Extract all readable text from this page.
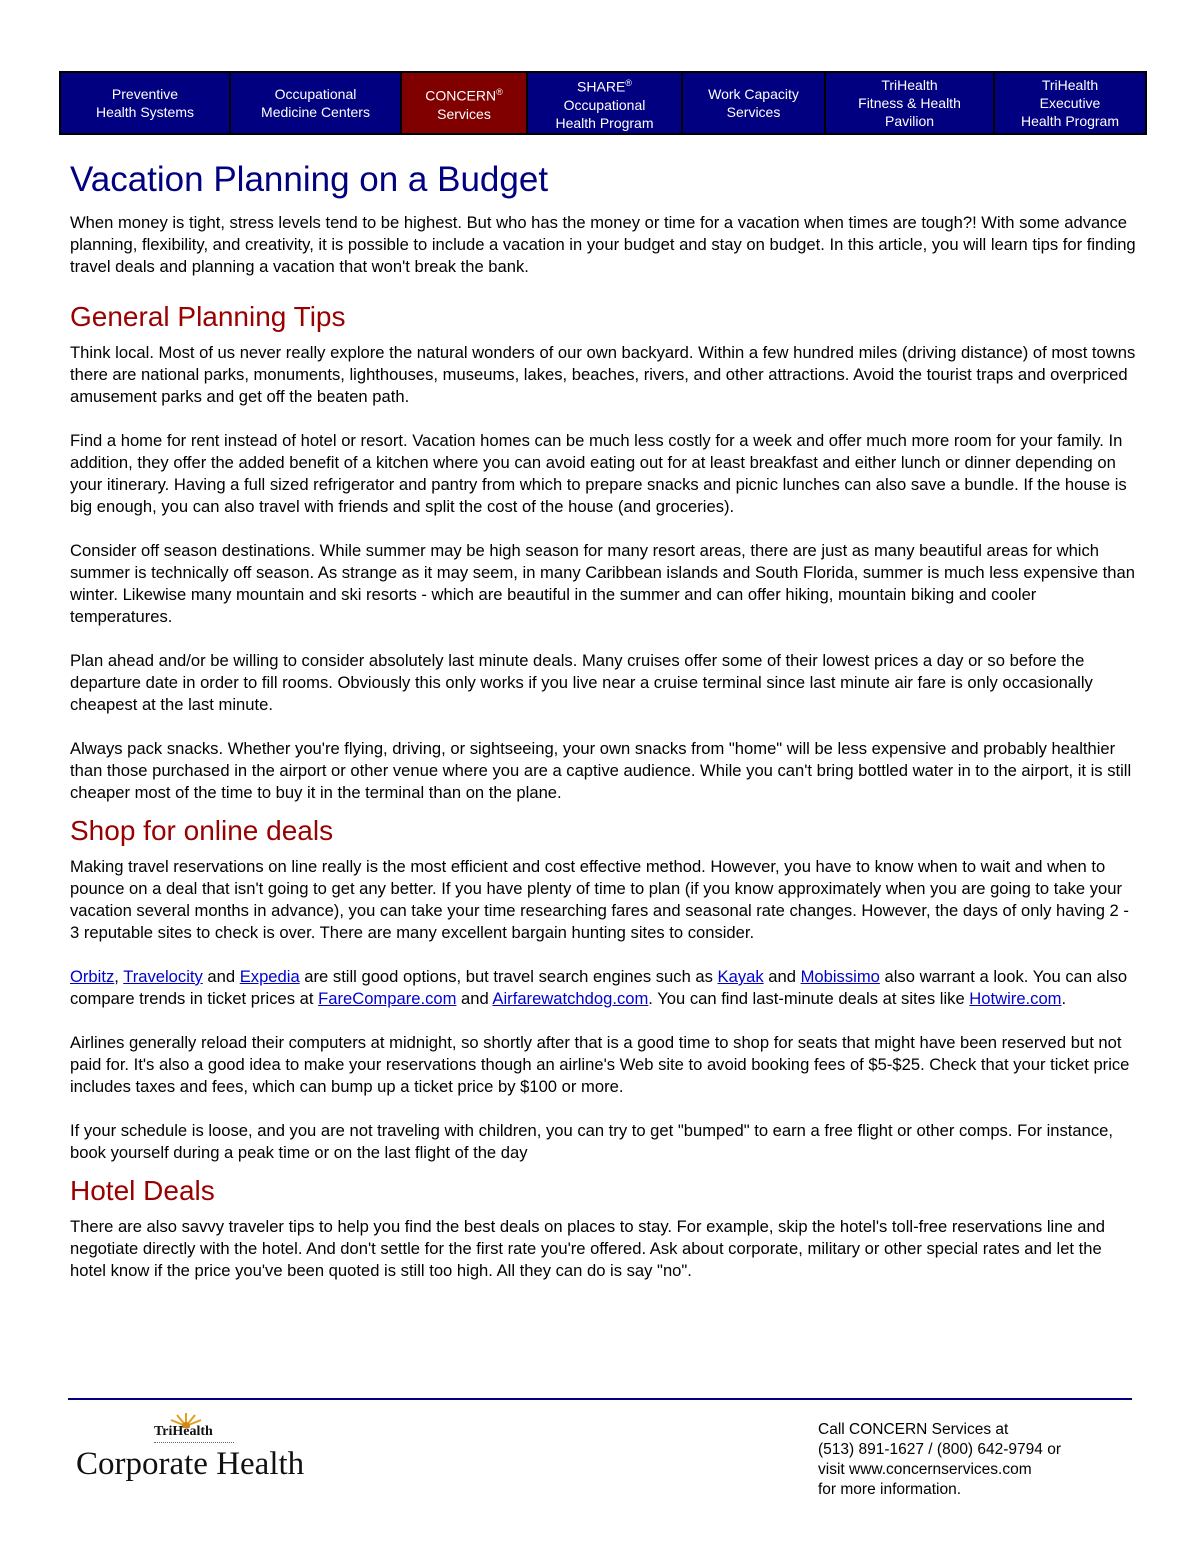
Preventive
Health Systems
Occupational
Medicine Centers
CONCERN®
Services
SHARE®
Occupational
Health Program
Work Capacity
Services
TriHealth
Fitness & Health
Pavilion
TriHealth
Executive
Health Program
Vacation Planning on a Budget

When money is tight, stress levels tend to be highest. But who has the money or time for a vacation when times are tough?! With some advance planning, flexibility, and creativity, it is possible to include a vacation in your budget and stay on budget. In this article, you will learn tips for finding travel deals and planning a vacation that won't break the bank.

General Planning Tips

Think local. Most of us never really explore the natural wonders of our own backyard. Within a few hundred miles (driving distance) of most towns there are national parks, monuments, lighthouses, museums, lakes, beaches, rivers, and other attractions. Avoid the tourist traps and overpriced amusement parks and get off the beaten path.

Find a home for rent instead of hotel or resort. Vacation homes can be much less costly for a week and offer much more room for your family. In addition, they offer the added benefit of a kitchen where you can avoid eating out for at least breakfast and either lunch or dinner depending on your itinerary. Having a full sized refrigerator and pantry from which to prepare snacks and picnic lunches can also save a bundle. If the house is big enough, you can also travel with friends and split the cost of the house (and groceries).

Consider off season destinations. While summer may be high season for many resort areas, there are just as many beautiful areas for which summer is technically off season. As strange as it may seem, in many Caribbean islands and South Florida, summer is much less expensive than winter. Likewise many mountain and ski resorts - which are beautiful in the summer and can offer hiking, mountain biking and cooler temperatures.

Plan ahead and/or be willing to consider absolutely last minute deals. Many cruises offer some of their lowest prices a day or so before the departure date in order to fill rooms. Obviously this only works if you live near a cruise terminal since last minute air fare is only occasionally cheapest at the last minute.

Always pack snacks. Whether you're flying, driving, or sightseeing, your own snacks from "home" will be less expensive and probably healthier than those purchased in the airport or other venue where you are a captive audience. While you can't bring bottled water in to the airport, it is still cheaper most of the time to buy it in the terminal than on the plane.

Shop for online deals

Making travel reservations on line really is the most efficient and cost effective method. However, you have to know when to wait and when to pounce on a deal that isn't going to get any better. If you have plenty of time to plan (if you know approximately when you are going to take your vacation several months in advance), you can take your time researching fares and seasonal rate changes. However, the days of only having 2 - 3 reputable sites to check is over. There are many excellent bargain hunting sites to consider.

Orbitz, Travelocity and Expedia are still good options, but travel search engines such as Kayak and Mobissimo also warrant a look. You can also compare trends in ticket prices at FareCompare.com and Airfarewatchdog.com. You can find last-minute deals at sites like Hotwire.com.

Airlines generally reload their computers at midnight, so shortly after that is a good time to shop for seats that might have been reserved but not paid for. It's also a good idea to make your reservations though an airline's Web site to avoid booking fees of $5-$25. Check that your ticket price includes taxes and fees, which can bump up a ticket price by $100 or more.

If your schedule is loose, and you are not traveling with children, you can try to get "bumped" to earn a free flight or other comps. For instance, book yourself during a peak time or on the last flight of the day

Hotel Deals

There are also savvy traveler tips to help you find the best deals on places to stay. For example, skip the hotel's toll-free reservations line and negotiate directly with the hotel. And don't settle for the first rate you're offered. Ask about corporate, military or other special rates and let the hotel know if the price you've been quoted is still too high. All they can do is say "no".

TriHealth
Corporate Health
Call CONCERN Services at
(513) 891-1627 / (800) 642-9794 or
visit www.concernservices.com
for more information.
